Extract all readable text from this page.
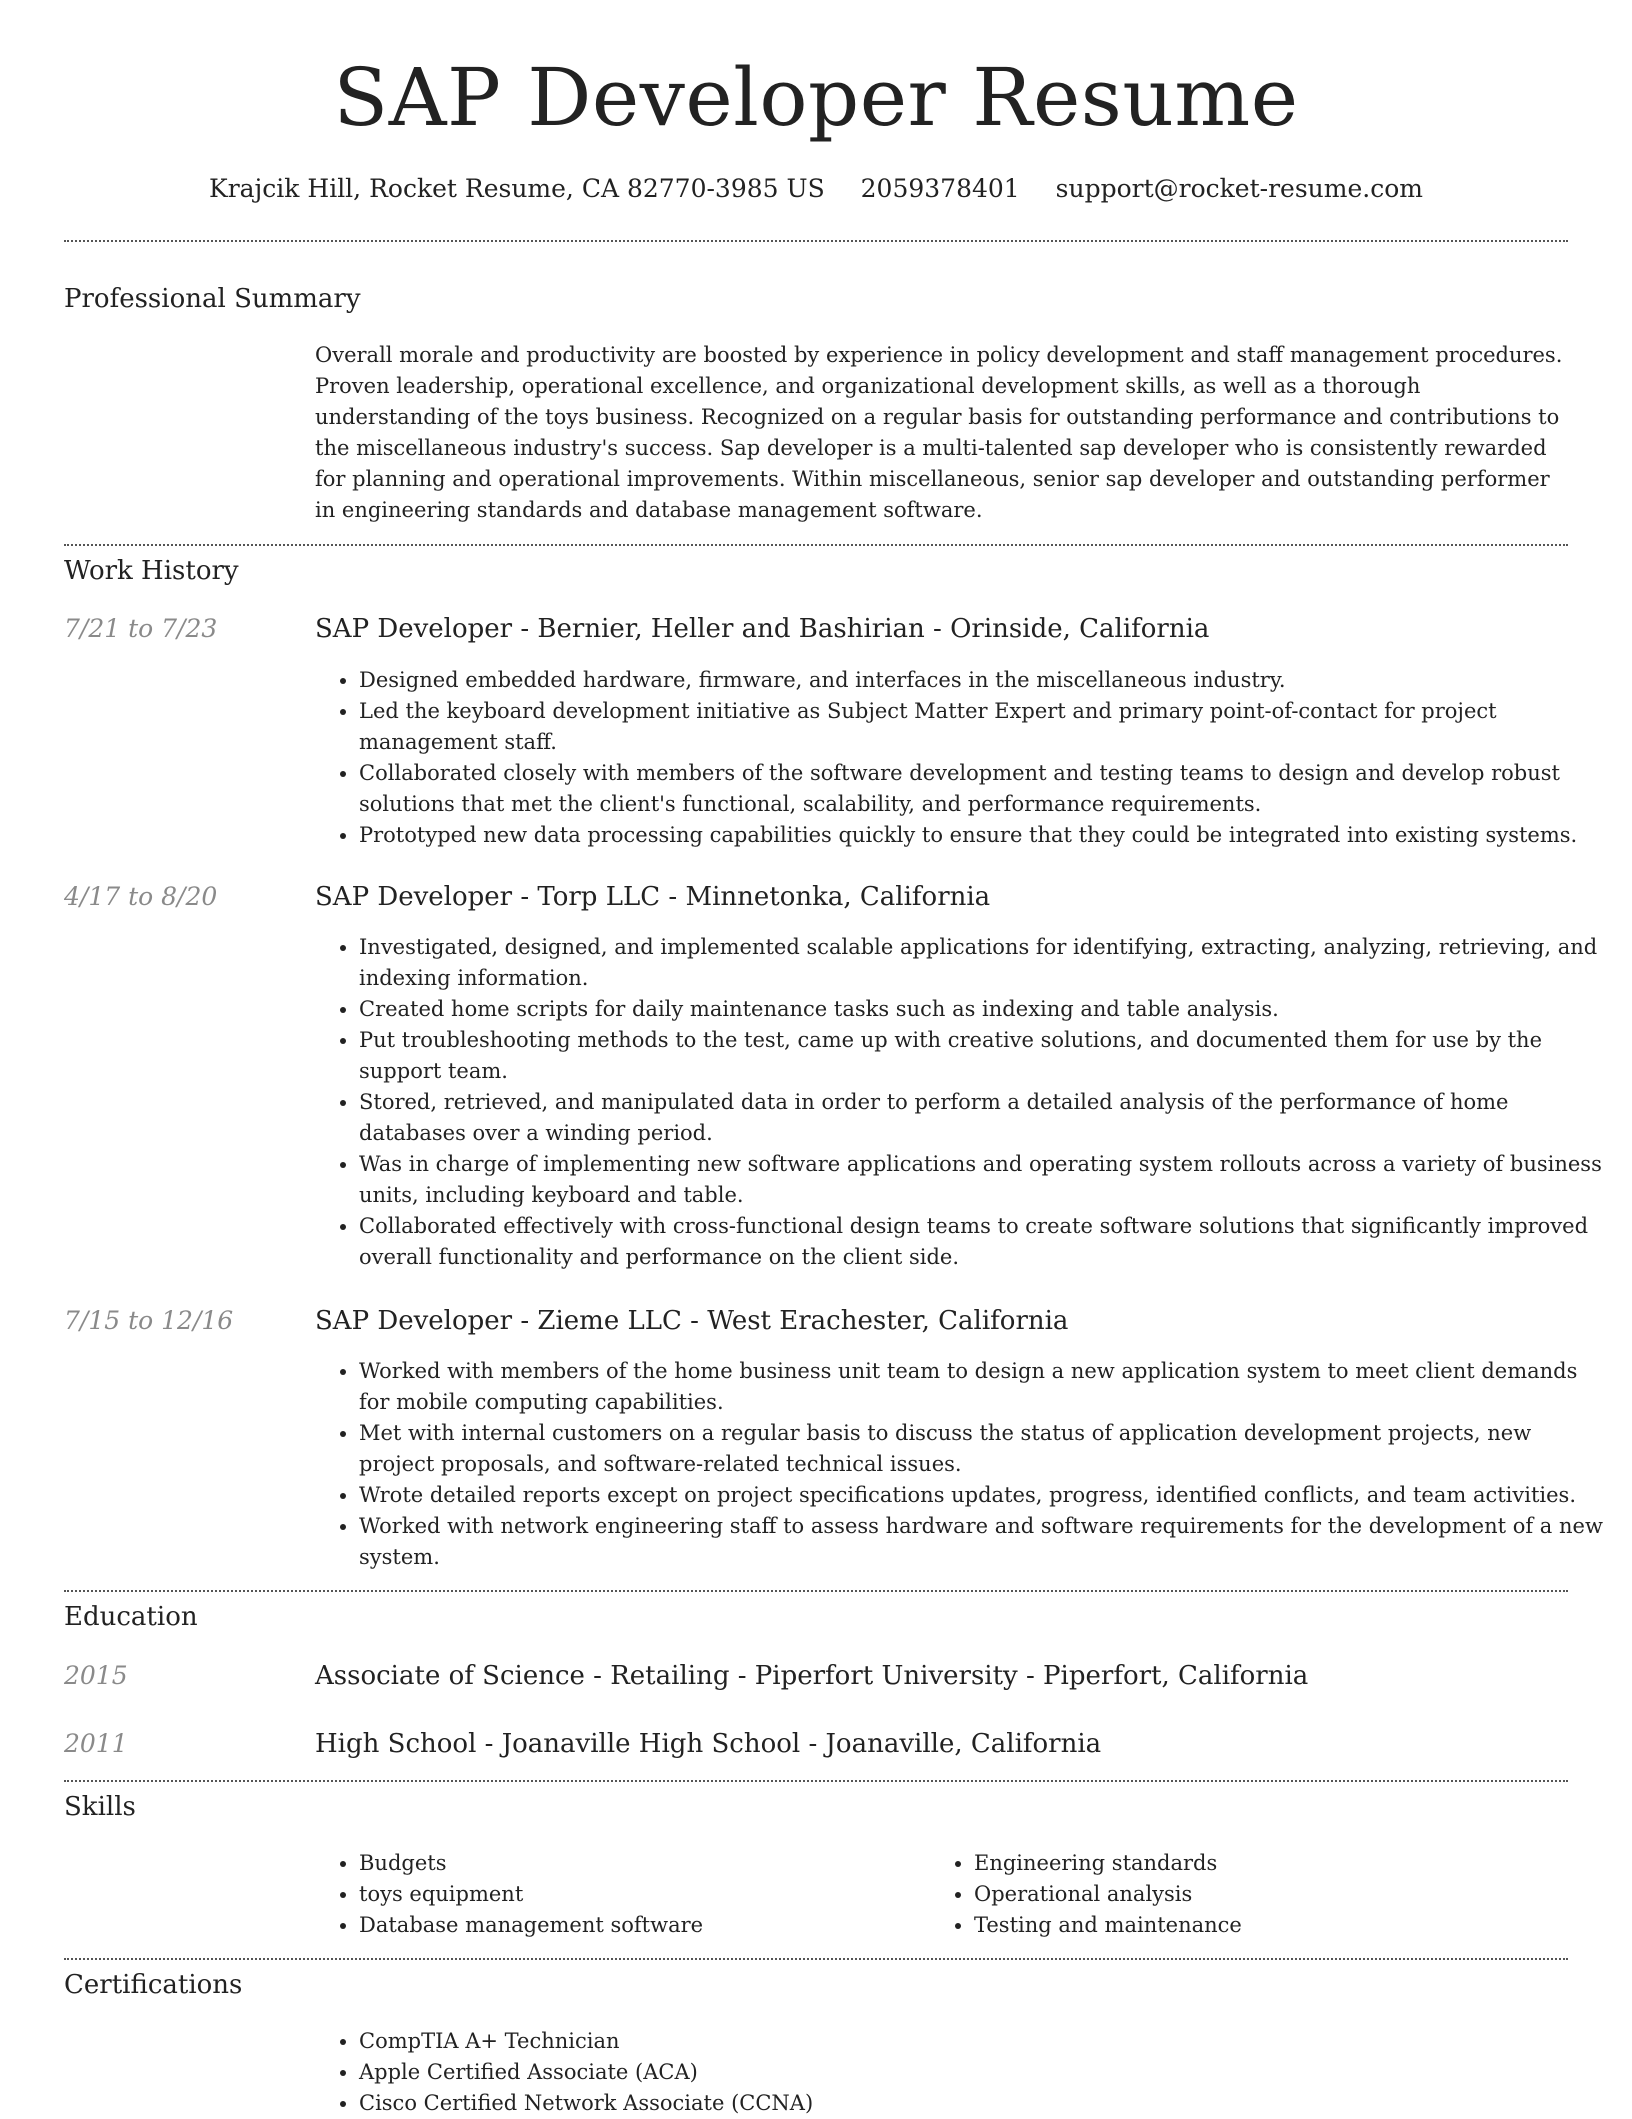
SAP Developer Resume
Krajcik Hill, Rocket Resume, CA 82770-3985 US 2059378401 support@rocket-resume.com
Professional Summary

Overall morale and productivity are boosted by experience in policy development and staff management procedures. Proven leadership, operational excellence, and organizational development skills, as well as a thorough understanding of the toys business. Recognized on a regular basis for outstanding performance and contributions to the miscellaneous industry's success. Sap developer is a multi-talented sap developer who is consistently rewarded for planning and operational improvements. Within miscellaneous, senior sap developer and outstanding performer in engineering standards and database management software.

Work History
7/21 to 7/23	SAP Developer - Bernier, Heller and Bashirian - Orinside, California
• Designed embedded hardware, firmware, and interfaces in the miscellaneous industry.
• Led the keyboard development initiative as Subject Matter Expert and primary point-of-contact for project management staff.
• Collaborated closely with members of the software development and testing teams to design and develop robust solutions that met the client's functional, scalability, and performance requirements.
• Prototyped new data processing capabilities quickly to ensure that they could be integrated into existing systems.
4/17 to 8/20	SAP Developer - Torp LLC - Minnetonka, California
• Investigated, designed, and implemented scalable applications for identifying, extracting, analyzing, retrieving, and indexing information.
• Created home scripts for daily maintenance tasks such as indexing and table analysis.
• Put troubleshooting methods to the test, came up with creative solutions, and documented them for use by the support team.
• Stored, retrieved, and manipulated data in order to perform a detailed analysis of the performance of home databases over a winding period.
• Was in charge of implementing new software applications and operating system rollouts across a variety of business units, including keyboard and table.
• Collaborated effectively with cross-functional design teams to create software solutions that significantly improved overall functionality and performance on the client side.
7/15 to 12/16	SAP Developer - Zieme LLC - West Erachester, California
• Worked with members of the home business unit team to design a new application system to meet client demands for mobile computing capabilities.
• Met with internal customers on a regular basis to discuss the status of application development projects, new project proposals, and software-related technical issues.
• Wrote detailed reports except on project specifications updates, progress, identified conflicts, and team activities.
• Worked with network engineering staff to assess hardware and software requirements for the development of a new system.
Education
2015	Associate of Science - Retailing - Piperfort University - Piperfort, California
2011	High School - Joanaville High School - Joanaville, California
Skills
• Budgets
• toys equipment
• Database management software
• Engineering standards
• Operational analysis
• Testing and maintenance
Certifications
• CompTIA A+ Technician
• Apple Certified Associate (ACA)
• Cisco Certified Network Associate (CCNA)
